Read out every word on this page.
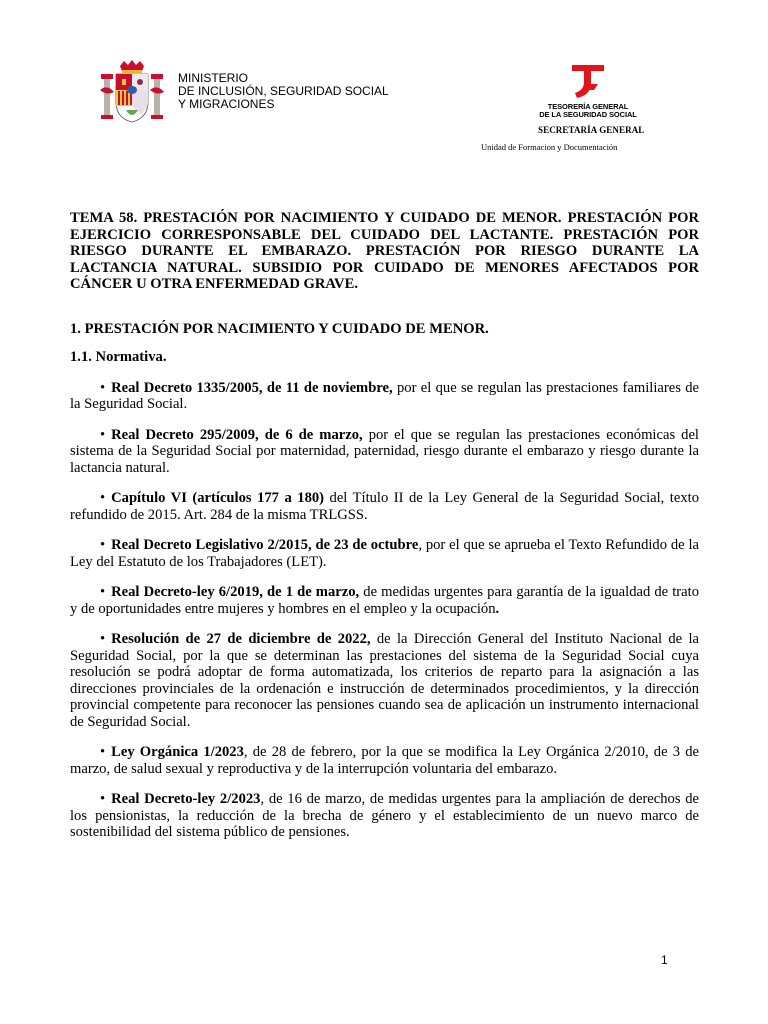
MINISTERIO
DE INCLUSIÓN, SEGURIDAD SOCIAL
Y MIGRACIONES	TESORERÍA GENERAL
DE LA SEGURIDAD SOCIAL
SECRETARÍA GENERAL
Unidad de Formacion y Documentación

TEMA 58. PRESTACIÓN POR NACIMIENTO Y CUIDADO DE MENOR. PRESTACIÓN POR EJERCICIO CORRESPONSABLE DEL CUIDADO DEL LACTANTE. PRESTACIÓN POR RIESGO DURANTE EL EMBARAZO. PRESTACIÓN POR RIESGO DURANTE LA LACTANCIA NATURAL. SUBSIDIO POR CUIDADO DE MENORES AFECTADOS POR CÁNCER U OTRA ENFERMEDAD GRAVE.

1. PRESTACIÓN POR NACIMIENTO Y CUIDADO DE MENOR.

1.1. Normativa.

• Real Decreto 1335/2005, de 11 de noviembre, por el que se regulan las prestaciones familiares de la Seguridad Social.

• Real Decreto 295/2009, de 6 de marzo, por el que se regulan las prestaciones económicas del sistema de la Seguridad Social por maternidad, paternidad, riesgo durante el embarazo y riesgo durante la lactancia natural.

• Capítulo VI (artículos 177 a 180) del Título II de la Ley General de la Seguridad Social, texto refundido de 2015. Art. 284 de la misma TRLGSS.

• Real Decreto Legislativo 2/2015, de 23 de octubre, por el que se aprueba el Texto Refundido de la Ley del Estatuto de los Trabajadores (LET).

• Real Decreto-ley 6/2019, de 1 de marzo, de medidas urgentes para garantía de la igualdad de trato y de oportunidades entre mujeres y hombres en el empleo y la ocupación.

• Resolución de 27 de diciembre de 2022, de la Dirección General del Instituto Nacional de la Seguridad Social, por la que se determinan las prestaciones del sistema de la Seguridad Social cuya resolución se podrá adoptar de forma automatizada, los criterios de reparto para la asignación a las direcciones provinciales de la ordenación e instrucción de determinados procedimientos, y la dirección provincial competente para reconocer las pensiones cuando sea de aplicación un instrumento internacional de Seguridad Social.

• Ley Orgánica 1/2023, de 28 de febrero, por la que se modifica la Ley Orgánica 2/2010, de 3 de marzo, de salud sexual y reproductiva y de la interrupción voluntaria del embarazo.

• Real Decreto-ley 2/2023, de 16 de marzo, de medidas urgentes para la ampliación de derechos de los pensionistas, la reducción de la brecha de género y el establecimiento de un nuevo marco de sostenibilidad del sistema público de pensiones.

1
